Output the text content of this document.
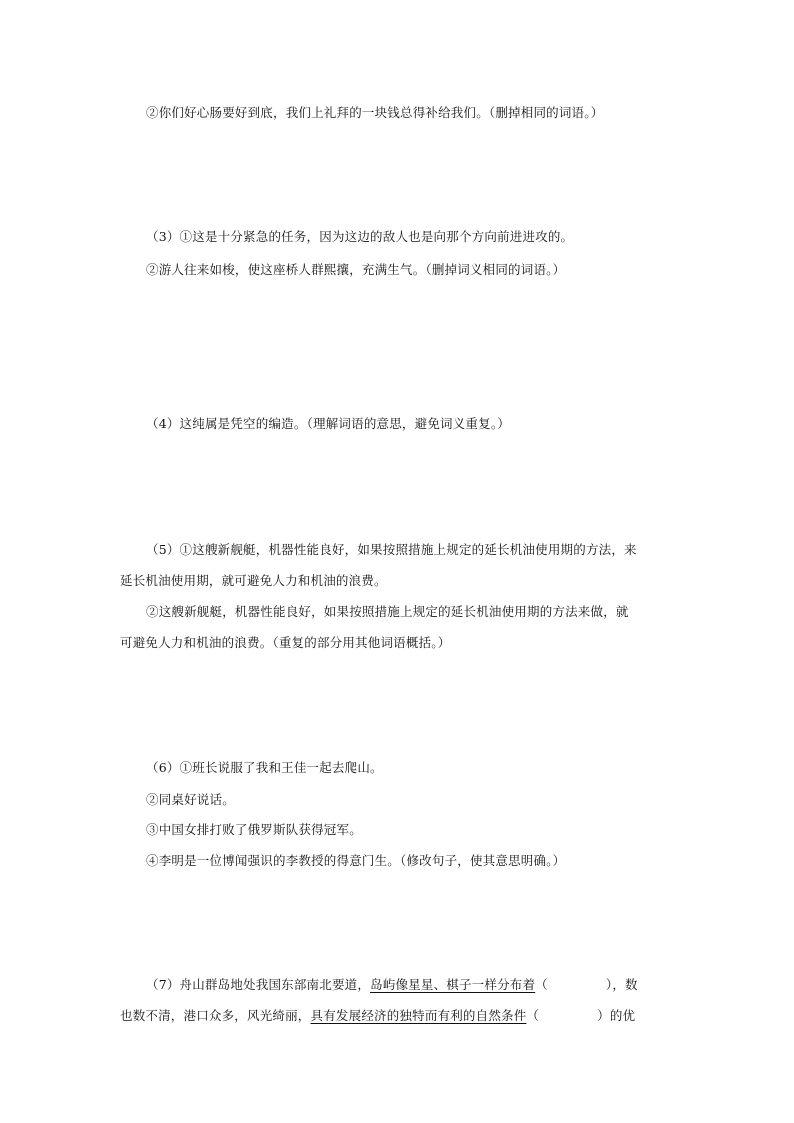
②你们好心肠要好到底，我们上礼拜的一块钱总得补给我们。（删掉相同的词语。）
（3）①这是十分紧急的任务，因为这边的敌人也是向那个方向前进进攻的。
②游人往来如梭，使这座桥人群熙攘，充满生气。（删掉词义相同的词语。）
（4）这纯属是凭空的编造。（理解词语的意思，避免词义重复。）
（5）①这艘新舰艇，机器性能良好，如果按照措施上规定的延长机油使用期的方法，来
延长机油使用期，就可避免人力和机油的浪费。
②这艘新舰艇，机器性能良好，如果按照措施上规定的延长机油使用期的方法来做，就
可避免人力和机油的浪费。（重复的部分用其他词语概括。）
（6）①班长说服了我和王佳一起去爬山。
②同桌好说话。
③中国女排打败了俄罗斯队获得冠军。
④李明是一位博闻强识的李教授的得意门生。（修改句子，使其意思明确。）
（7）舟山群岛地处我国东部南北要道，岛屿像星星、棋子一样分布着（	），数
也数不清，港口众多，风光绮丽，具有发展经济的独特而有利的自然条件（	）的优
